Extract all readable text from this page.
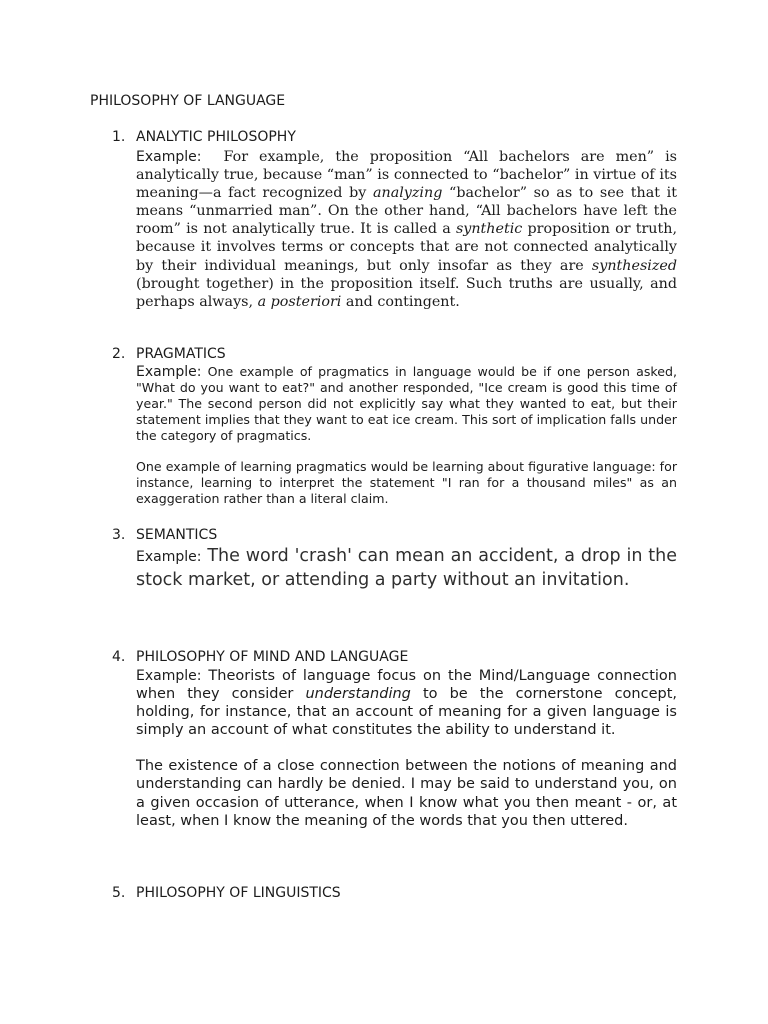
PHILOSOPHY OF LANGUAGE
1. ANALYTIC PHILOSOPHY

Example: For example, the proposition “All bachelors are men” is analytically true, because “man” is connected to “bachelor” in virtue of its meaning—a fact recognized by analyzing “bachelor” so as to see that it means “unmarried man”. On the other hand, “All bachelors have left the room” is not analytically true. It is called a synthetic proposition or truth, because it involves terms or concepts that are not connected analytically by their individual meanings, but only insofar as they are synthesized (brought together) in the proposition itself. Such truths are usually, and perhaps always, a posteriori and contingent.

2. PRAGMATICS

Example: One example of pragmatics in language would be if one person asked, "What do you want to eat?" and another responded, "Ice cream is good this time of year." The second person did not explicitly say what they wanted to eat, but their statement implies that they want to eat ice cream. This sort of implication falls under the category of pragmatics.

One example of learning pragmatics would be learning about figurative language: for instance, learning to interpret the statement "I ran for a thousand miles" as an exaggeration rather than a literal claim.

3. SEMANTICS

Example: The word 'crash' can mean an accident, a drop in the stock market, or attending a party without an invitation.

4. PHILOSOPHY OF MIND AND LANGUAGE

Example: Theorists of language focus on the Mind/Language connection when they consider understanding to be the cornerstone concept, holding, for instance, that an account of meaning for a given language is simply an account of what constitutes the ability to understand it.

The existence of a close connection between the notions of meaning and understanding can hardly be denied. I may be said to understand you, on a given occasion of utterance, when I know what you then meant - or, at least, when I know the meaning of the words that you then uttered.

5. PHILOSOPHY OF LINGUISTICS
